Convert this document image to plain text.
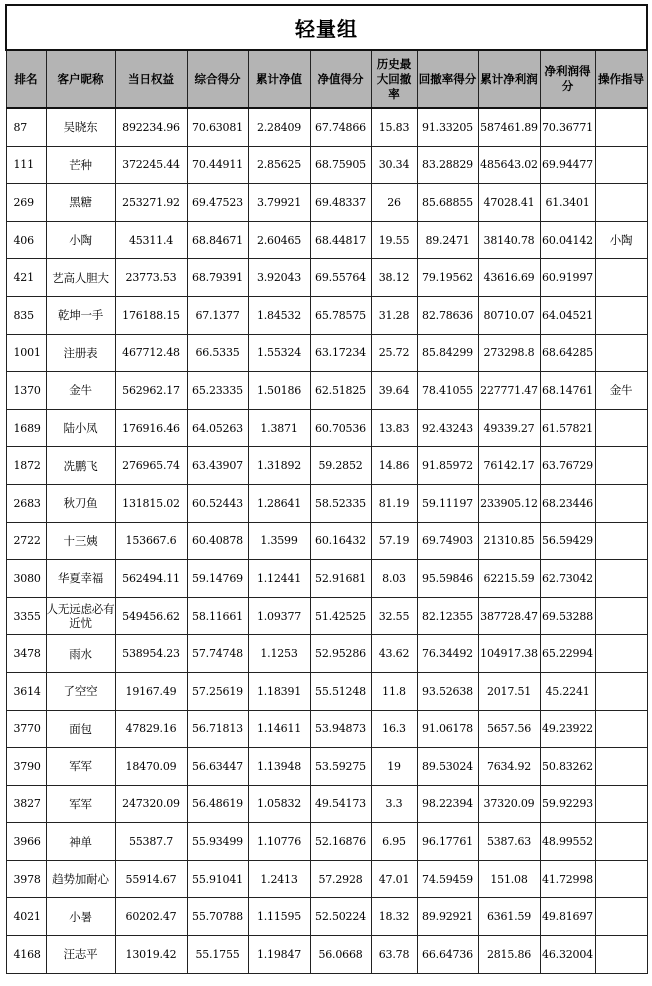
轻量组										
排名	客户昵称	当日权益	综合得分	累计净值	净值得分	历史最大回撤率	回撤率得分	累计净利润	净利润得分	操作指导
87	吴晓东	892234.96	70.63081	2.28409	67.74866	15.83	91.33205	587461.89	70.36771	
111	芒种	372245.44	70.44911	2.85625	68.75905	30.34	83.28829	485643.02	69.94477	
269	黑糖	253271.92	69.47523	3.79921	69.48337	26	85.68855	47028.41	61.3401	
406	小陶	45311.4	68.84671	2.60465	68.44817	19.55	89.2471	38140.78	60.04142	小陶
421	艺高人胆大	23773.53	68.79391	3.92043	69.55764	38.12	79.19562	43616.69	60.91997	
835	乾坤一手	176188.15	67.1377	1.84532	65.78575	31.28	82.78636	80710.07	64.04521	
1001	注册表	467712.48	66.5335	1.55324	63.17234	25.72	85.84299	273298.8	68.64285	
1370	金牛	562962.17	65.23335	1.50186	62.51825	39.64	78.41055	227771.47	68.14761	金牛
1689	陆小凤	176916.46	64.05263	1.3871	60.70536	13.83	92.43243	49339.27	61.57821	
1872	冼鹏飞	276965.74	63.43907	1.31892	59.2852	14.86	91.85972	76142.17	63.76729	
2683	秋刀鱼	131815.02	60.52443	1.28641	58.52335	81.19	59.11197	233905.12	68.23446	
2722	十三姨	153667.6	60.40878	1.3599	60.16432	57.19	69.74903	21310.85	56.59429	
3080	华夏幸福	562494.11	59.14769	1.12441	52.91681	8.03	95.59846	62215.59	62.73042	
3355	人无远虑必有近忧	549456.62	58.11661	1.09377	51.42525	32.55	82.12355	387728.47	69.53288	
3478	雨水	538954.23	57.74748	1.1253	52.95286	43.62	76.34492	104917.38	65.22994	
3614	了空空	19167.49	57.25619	1.18391	55.51248	11.8	93.52638	2017.51	45.2241	
3770	面包	47829.16	56.71813	1.14611	53.94873	16.3	91.06178	5657.56	49.23922	
3790	军军	18470.09	56.63447	1.13948	53.59275	19	89.53024	7634.92	50.83262	
3827	军军	247320.09	56.48619	1.05832	49.54173	3.3	98.22394	37320.09	59.92293	
3966	神单	55387.7	55.93499	1.10776	52.16876	6.95	96.17761	5387.63	48.99552	
3978	趋势加耐心	55914.67	55.91041	1.2413	57.2928	47.01	74.59459	151.08	41.72998	
4021	小暑	60202.47	55.70788	1.11595	52.50224	18.32	89.92921	6361.59	49.81697	
4168	汪志平	13019.42	55.1755	1.19847	56.0668	63.78	66.64736	2815.86	46.32004	
